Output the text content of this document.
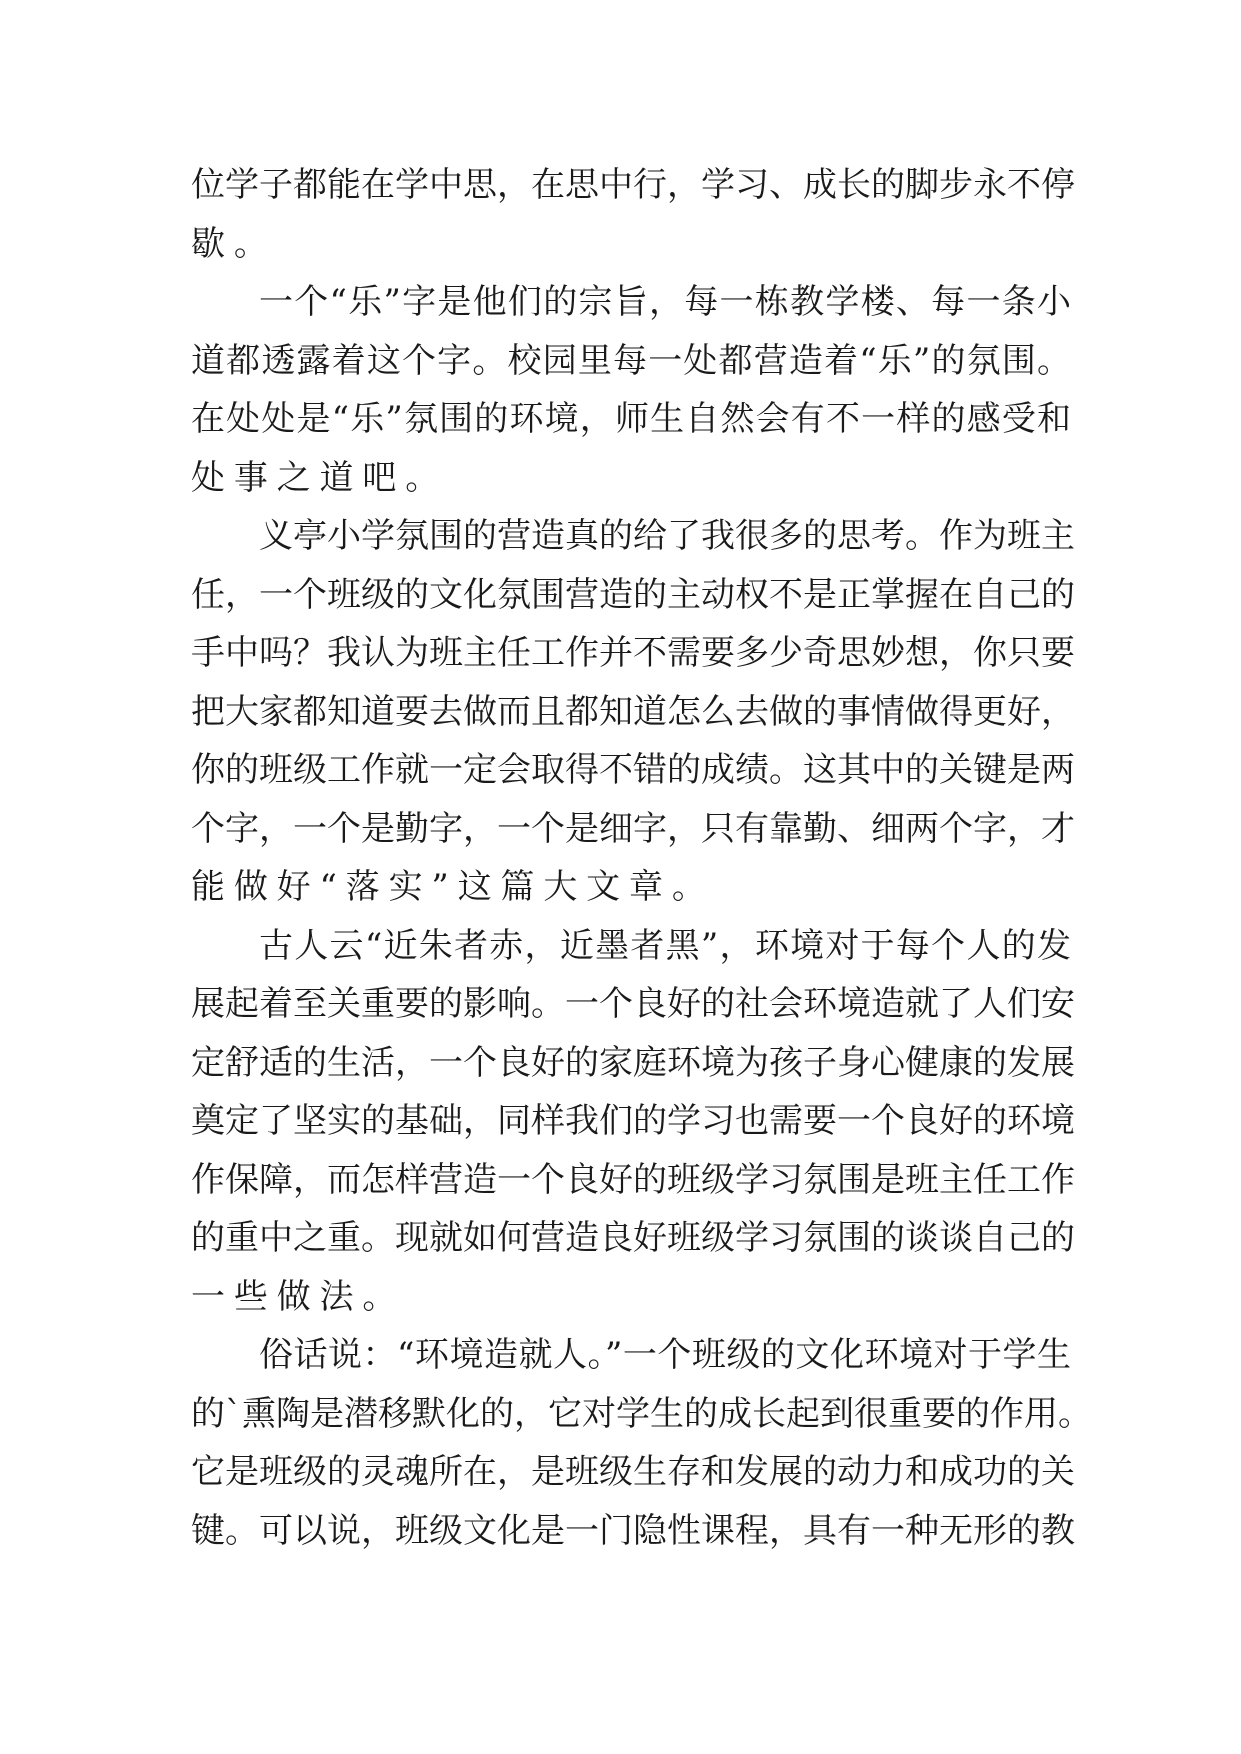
位学子都能在学中思，在思中行，学习、成长的脚步永不停
歇。
一个“乐”字是他们的宗旨，每一栋教学楼、每一条小
道都透露着这个字。校园里每一处都营造着“乐”的氛围。
在处处是“乐”氛围的环境，师生自然会有不一样的感受和
处事之道吧。
义亭小学氛围的营造真的给了我很多的思考。作为班主
任，一个班级的文化氛围营造的主动权不是正掌握在自己的
手中吗？我认为班主任工作并不需要多少奇思妙想，你只要
把大家都知道要去做而且都知道怎么去做的事情做得更好，
你的班级工作就一定会取得不错的成绩。这其中的关键是两
个字，一个是勤字，一个是细字，只有靠勤、细两个字，才
能做好“落实”这篇大文章。
古人云“近朱者赤，近墨者黑”，环境对于每个人的发
展起着至关重要的影响。一个良好的社会环境造就了人们安
定舒适的生活，一个良好的家庭环境为孩子身心健康的发展
奠定了坚实的基础，同样我们的学习也需要一个良好的环境
作保障，而怎样营造一个良好的班级学习氛围是班主任工作
的重中之重。现就如何营造良好班级学习氛围的谈谈自己的
一些做法。
俗话说：“环境造就人。”一个班级的文化环境对于学生
的`熏陶是潜移默化的，它对学生的成长起到很重要的作用。
它是班级的灵魂所在，是班级生存和发展的动力和成功的关
键。可以说，班级文化是一门隐性课程，具有一种无形的教
